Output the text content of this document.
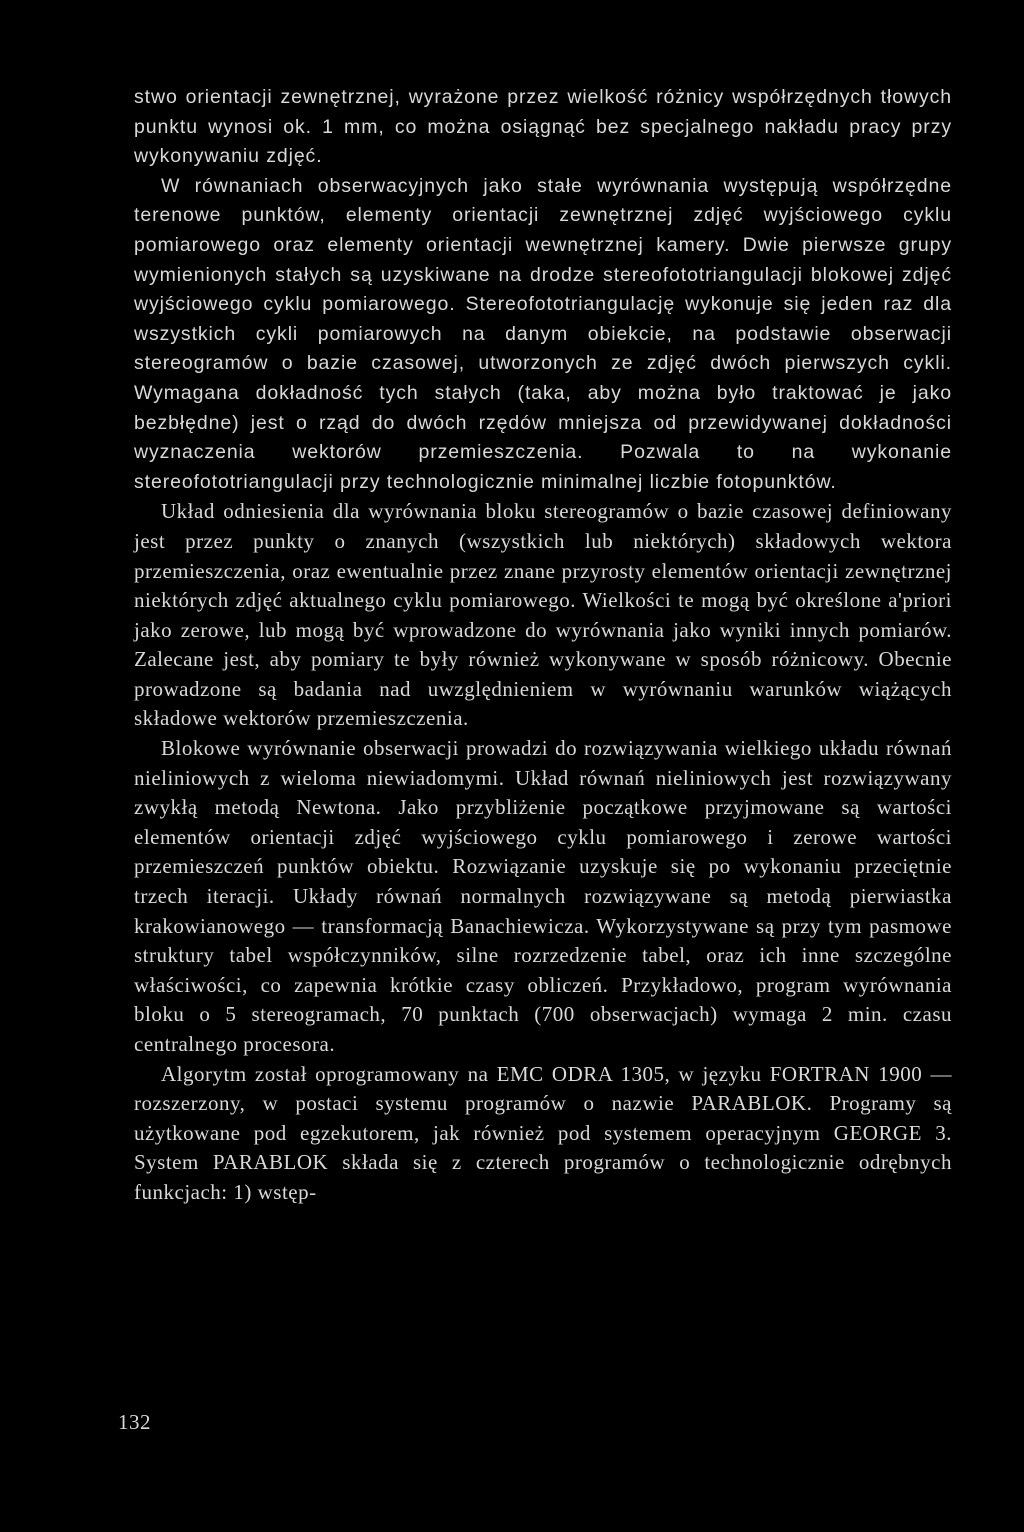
stwo orientacji zewnętrznej, wyrażone przez wielkość różnicy współrzędnych tłowych punktu wynosi ok. 1 mm, co można osiągnąć bez specjalnego nakładu pracy przy wykonywaniu zdjęć.

W równaniach obserwacyjnych jako stałe wyrównania występują współrzędne terenowe punktów, elementy orientacji zewnętrznej zdjęć wyjściowego cyklu pomiarowego oraz elementy orientacji wewnętrznej kamery. Dwie pierwsze grupy wymienionych stałych są uzyskiwane na drodze stereofototriangulacji blokowej zdjęć wyjściowego cyklu pomiarowego. Stereofototriangulację wykonuje się jeden raz dla wszystkich cykli pomiarowych na danym obiekcie, na podstawie obserwacji stereogramów o bazie czasowej, utworzonych ze zdjęć dwóch pierwszych cykli. Wymagana dokładność tych stałych (taka, aby można było traktować je jako bezbłędne) jest o rząd do dwóch rzędów mniejsza od przewidywanej dokładności wyznaczenia wektorów przemieszczenia. Pozwala to na wykonanie stereofototriangulacji przy technologicznie minimalnej liczbie fotopunktów.

Układ odniesienia dla wyrównania bloku stereogramów o bazie czasowej definiowany jest przez punkty o znanych (wszystkich lub niektórych) składowych wektora przemieszczenia, oraz ewentualnie przez znane przyrosty elementów orientacji zewnętrznej niektórych zdjęć aktualnego cyklu pomiarowego. Wielkości te mogą być określone a'priori jako zerowe, lub mogą być wprowadzone do wyrównania jako wyniki innych pomiarów. Zalecane jest, aby pomiary te były również wykonywane w sposób różnicowy. Obecnie prowadzone są badania nad uwzględnieniem w wyrównaniu warunków wiążących składowe wektorów przemieszczenia.

Blokowe wyrównanie obserwacji prowadzi do rozwiązywania wielkiego układu równań nieliniowych z wieloma niewiadomymi. Układ równań nieliniowych jest rozwiązywany zwykłą metodą Newtona. Jako przybliżenie początkowe przyjmowane są wartości elementów orientacji zdjęć wyjściowego cyklu pomiarowego i zerowe wartości przemieszczeń punktów obiektu. Rozwiązanie uzyskuje się po wykonaniu przeciętnie trzech iteracji. Układy równań normalnych rozwiązywane są metodą pierwiastka krakowianowego — transformacją Banachiewicza. Wykorzystywane są przy tym pasmowe struktury tabel współczynników, silne rozrzedzenie tabel, oraz ich inne szczególne właściwości, co zapewnia krótkie czasy obliczeń. Przykładowo, program wyrównania bloku o 5 stereogramach, 70 punktach (700 obserwacjach) wymaga 2 min. czasu centralnego procesora.

Algorytm został oprogramowany na EMC ODRA 1305, w języku FORTRAN 1900 — rozszerzony, w postaci systemu programów o nazwie PARABLOK. Programy są użytkowane pod egzekutorem, jak również pod systemem operacyjnym GEORGE 3. System PARABLOK składa się z czterech programów o technologicznie odrębnych funkcjach: 1) wstęp-

132
